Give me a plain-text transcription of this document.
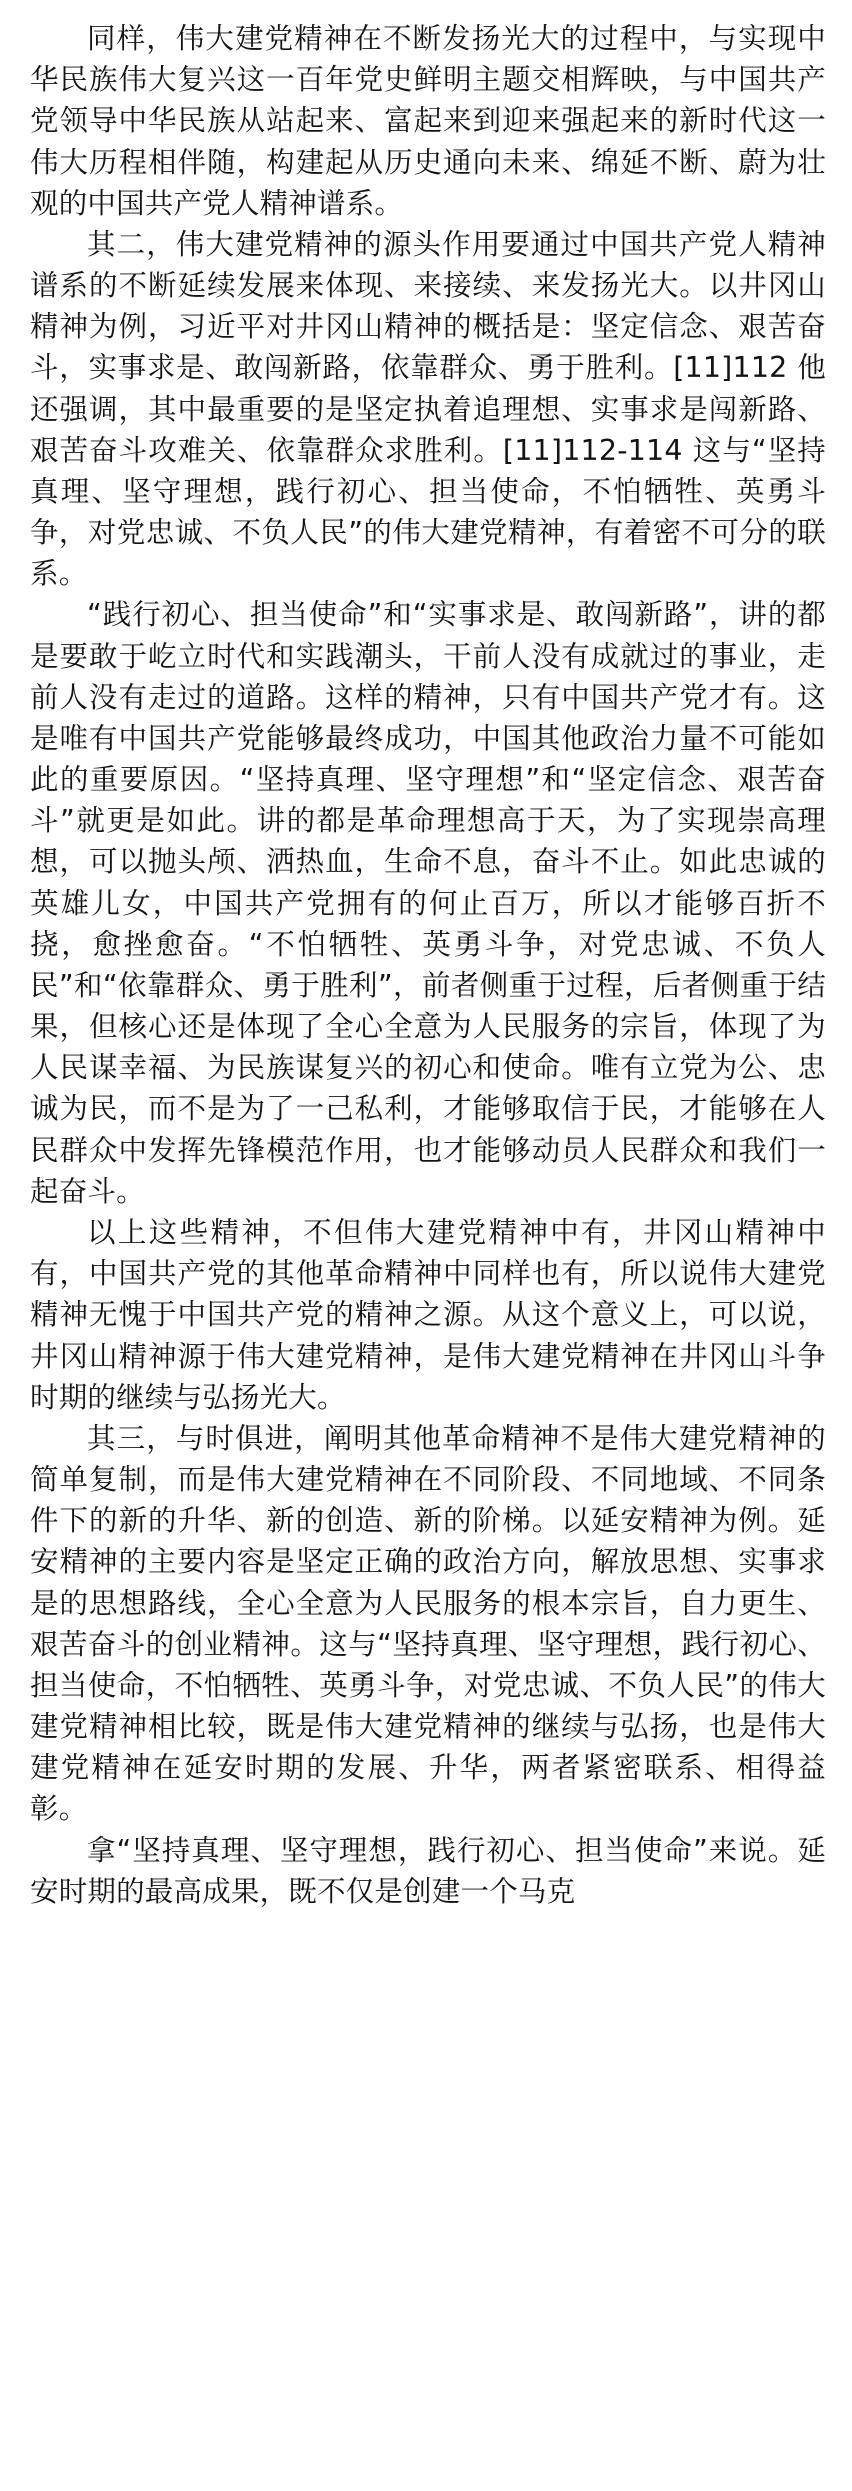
同样，伟大建党精神在不断发扬光大的过程中，与实现中华民族伟大复兴这一百年党史鲜明主题交相辉映，与中国共产党领导中华民族从站起来、富起来到迎来强起来的新时代这一伟大历程相伴随，构建起从历史通向未来、绵延不断、蔚为壮观的中国共产党人精神谱系。

其二，伟大建党精神的源头作用要通过中国共产党人精神谱系的不断延续发展来体现、来接续、来发扬光大。以井冈山精神为例，习近平对井冈山精神的概括是：坚定信念、艰苦奋斗，实事求是、敢闯新路，依靠群众、勇于胜利。[11]112 他还强调，其中最重要的是坚定执着追理想、实事求是闯新路、艰苦奋斗攻难关、依靠群众求胜利。[11]112-114 这与“坚持真理、坚守理想，践行初心、担当使命，不怕牺牲、英勇斗争，对党忠诚、不负人民”的伟大建党精神，有着密不可分的联系。

“践行初心、担当使命”和“实事求是、敢闯新路”，讲的都是要敢于屹立时代和实践潮头，干前人没有成就过的事业，走前人没有走过的道路。这样的精神，只有中国共产党才有。这是唯有中国共产党能够最终成功，中国其他政治力量不可能如此的重要原因。“坚持真理、坚守理想”和“坚定信念、艰苦奋斗”就更是如此。讲的都是革命理想高于天，为了实现崇高理想，可以抛头颅、洒热血，生命不息，奋斗不止。如此忠诚的英雄儿女，中国共产党拥有的何止百万，所以才能够百折不挠，愈挫愈奋。“不怕牺牲、英勇斗争，对党忠诚、不负人民”和“依靠群众、勇于胜利”，前者侧重于过程，后者侧重于结果，但核心还是体现了全心全意为人民服务的宗旨，体现了为人民谋幸福、为民族谋复兴的初心和使命。唯有立党为公、忠诚为民，而不是为了一己私利，才能够取信于民，才能够在人民群众中发挥先锋模范作用，也才能够动员人民群众和我们一起奋斗。

以上这些精神，不但伟大建党精神中有，井冈山精神中有，中国共产党的其他革命精神中同样也有，所以说伟大建党精神无愧于中国共产党的精神之源。从这个意义上，可以说，井冈山精神源于伟大建党精神，是伟大建党精神在井冈山斗争时期的继续与弘扬光大。

其三，与时俱进，阐明其他革命精神不是伟大建党精神的简单复制，而是伟大建党精神在不同阶段、不同地域、不同条件下的新的升华、新的创造、新的阶梯。以延安精神为例。延安精神的主要内容是坚定正确的政治方向，解放思想、实事求是的思想路线，全心全意为人民服务的根本宗旨，自力更生、艰苦奋斗的创业精神。这与“坚持真理、坚守理想，践行初心、担当使命，不怕牺牲、英勇斗争，对党忠诚、不负人民”的伟大建党精神相比较，既是伟大建党精神的继续与弘扬，也是伟大建党精神在延安时期的发展、升华，两者紧密联系、相得益彰。

拿“坚持真理、坚守理想，践行初心、担当使命”来说。延安时期的最高成果，既不仅是创建一个马克
